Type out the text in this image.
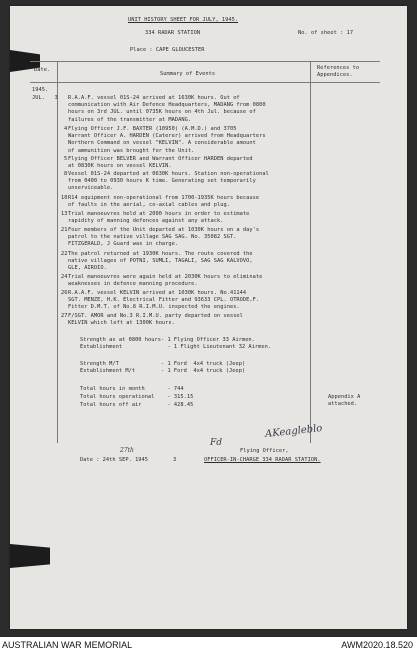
UNIT HISTORY SHEET FOR JULY, 1945.
334 RADAR STATION	No. of sheet : 17
Place : CAPE GLOUCESTER
Date.
Summary of Events
References to
Appendices.
1945.
JUL.   3 R.A.A.F. vessel 01S-24 arrived at 1630K hours. Out of
communication with Air Defence Headquarters, MADANG from 0800
hours on 3rd JUL. until 0735K hours on 4th Jul. because of
failures of the transmitter at MADANG.
4 Flying Officer J.F. BAXTER (10950) (A.M.D.) and 3705
Warrant Officer A. HARDEN (Caterer) arrived from Headquarters
Northern Command on vessel "KELVIN". A considerable amount
of ammunition was brought for the Unit.
5 Flying Officer BELVER and Warrant Officer HARDEN departed
at 0830K hours on vessel KELVIN.
8 Vessel 01S-24 departed at 0630K hours. Station non-operational
from 0400 to 0930 hours K time. Generating set temporarily
unserviceable.
10 R14 equipment non-operational from 1700-1935K hours because
of faults in the aerial, co-axial cables and plug.
13 Trial manoeuvres held at 2000 hours in order to estimate
rapidity of manning defences against any attack.
21 Four members of the Unit departed at 1030K hours on a day's
patrol to the native village SAG SAG. No. 35082 SGT.
FITZGERALD, J Guard was in charge.
22 The patrol returned at 1930K hours. The route covered the
native villages of POTNI, SUMLI, TAGALI, SAG SAG KALVOVO,
GLE, AIROIO.
24 Trial manoeuvres were again held at 2030K hours to eliminate
weaknesses in defence manning procedure.
26 R.A.A.F. vessel KELVIN arrived at 1030K hours. No.41144
SGT. MENZE, H.K. Electrical Fitter and 93633 CPL. OTRODE,F.
Fitter D.M.T. of No.8 R.I.M.U. inspected the engines.
27 F/SGT. AMOR and No.3 R.I.M.U. party departed on vessel
KELVIN which left at 1300K hours.
Strength as at 0800 hours- 1 Flying Officer 33 Airmen.
Establishment              - 1 Flight Lieutenant 32 Airmen.
Strength M/T             - 1 Ford  4x4 truck (Jeep)
Establishment M/t        - 1 Ford  4x4 truck (Jeep)
Total hours in month       - 744
Total hours operational    - 315.15
Total hours off air        - 428.45
Appendix A
attached.
AKeagleblo
Fd
Flying Officer,
OFFICER-IN-CHARGE 334 RADAR STATION.
Date : 24th SEP. 1945
27th
3
AUSTRALIAN WAR MEMORIAL	AWM2020.18.520
